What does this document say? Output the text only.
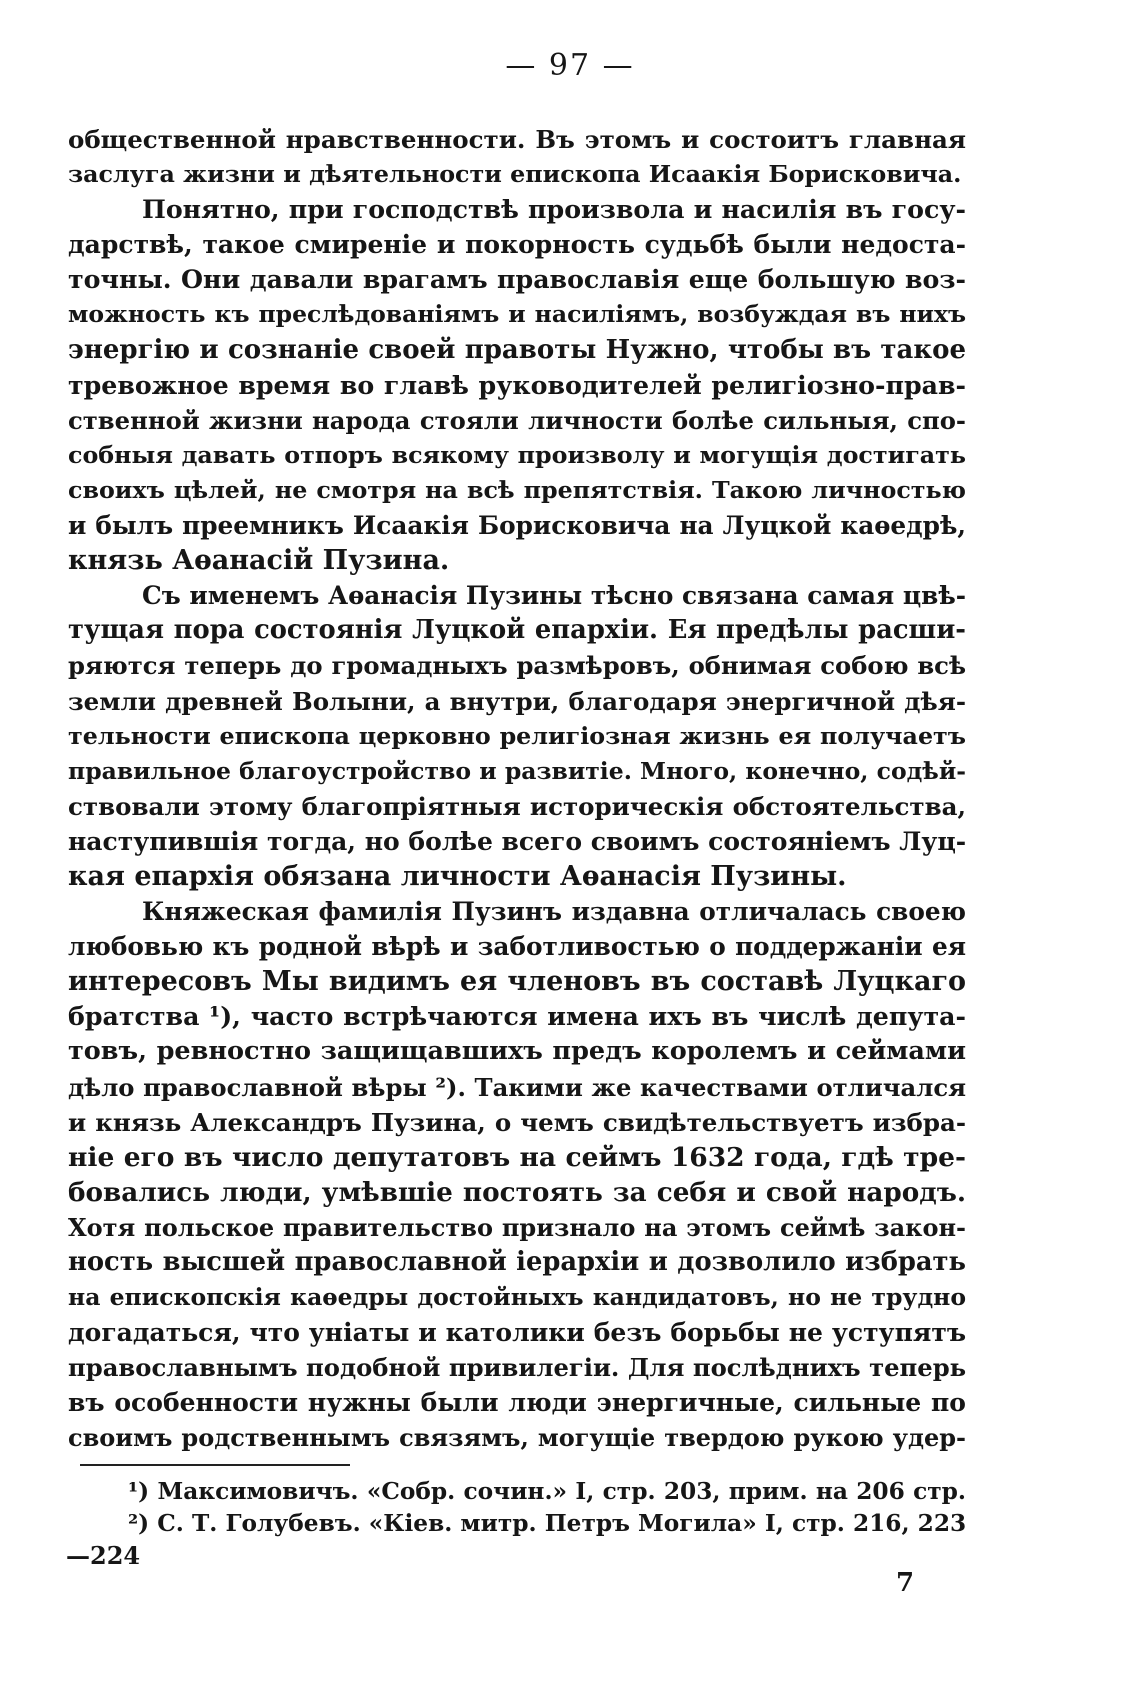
— 97 —
общественной нравственности. Въ этомъ и состоитъ главная
заслуга жизни и дѣятельности епископа Исаакія Борисковича.
Понятно, при господствѣ произвола и насилія въ госу-
дарствѣ, такое смиреніе и покорность судьбѣ были недоста-
точны. Они давали врагамъ православія еще большую воз-
можность къ преслѣдованіямъ и насиліямъ, возбуждая въ нихъ
энергію и сознаніе своей правоты Нужно, чтобы въ такое
тревожное время во главѣ руководителей религіозно-прав-
ственной жизни народа стояли личности болѣе сильныя, спо-
собныя давать отпоръ всякому произволу и могущія достигать
своихъ цѣлей, не смотря на всѣ препятствія. Такою личностью
и былъ преемникъ Исаакія Борисковича на Луцкой каѳедрѣ,
князь Аѳанасій Пузина.
Съ именемъ Аѳанасія Пузины тѣсно связана самая цвѣ-
тущая пора состоянія Луцкой епархіи. Ея предѣлы расши-
ряются теперь до громадныхъ размѣровъ, обнимая собою всѣ
земли древней Волыни, а внутри, благодаря энергичной дѣя-
тельности епископа церковно религіозная жизнь ея получаетъ
правильное благоустройство и развитіе. Много, конечно, содѣй-
ствовали этому благопріятныя историческія обстоятельства,
наступившія тогда, но болѣе всего своимъ состояніемъ Луц-
кая епархія обязана личности Аѳанасія Пузины.
Княжеская фамилія Пузинъ издавна отличалась своею
любовью къ родной вѣрѣ и заботливостью о поддержаніи ея
интересовъ Мы видимъ ея членовъ въ составѣ Луцкаго
братства ¹), часто встрѣчаются имена ихъ въ числѣ депута-
товъ, ревностно защищавшихъ предъ королемъ и сеймами
дѣло православной вѣры ²). Такими же качествами отличался
и князь Александръ Пузина, о чемъ свидѣтельствуетъ избра-
ніе его въ число депутатовъ на сеймъ 1632 года, гдѣ тре-
бовались люди, умѣвшіе постоять за себя и свой народъ.
Хотя польское правительство признало на этомъ сеймѣ закон-
ность высшей православной іерархіи и дозволило избрать
на епископскія каѳедры достойныхъ кандидатовъ, но не трудно
догадаться, что уніаты и католики безъ борьбы не уступятъ
православнымъ подобной привилегіи. Для послѣднихъ теперь
въ особенности нужны были люди энергичные, сильные по
своимъ родственнымъ связямъ, могущіе твердою рукою удер-
¹) Максимовичъ. «Собр. сочин.» I, стр. 203, прим. на 206 стр.
²) С. Т. Голубевъ. «Кіев. митр. Петръ Могила» I, стр. 216, 223
—224
7
